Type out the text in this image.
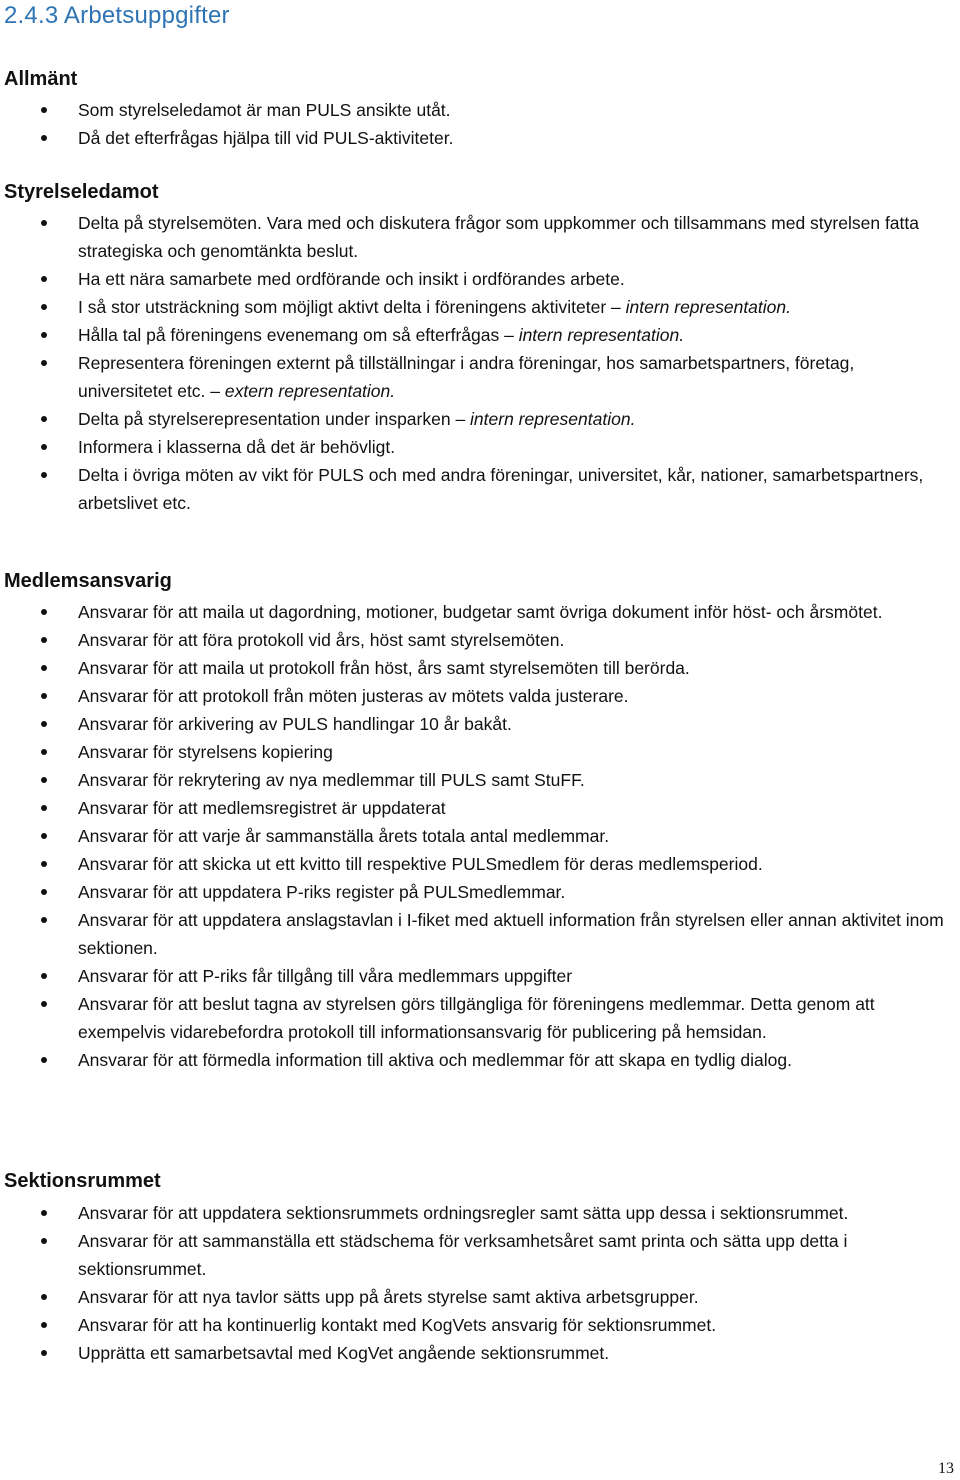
2.4.3 Arbetsuppgifter
Allmänt
Som styrelseledamot är man PULS ansikte utåt.
Då det efterfrågas hjälpa till vid PULS-aktiviteter.
Styrelseledamot
Delta på styrelsemöten. Vara med och diskutera frågor som uppkommer och tillsammans med styrelsen fatta strategiska och genomtänkta beslut.
Ha ett nära samarbete med ordförande och insikt i ordförandes arbete.
I så stor utsträckning som möjligt aktivt delta i föreningens aktiviteter – intern representation.
Hålla tal på föreningens evenemang om så efterfrågas – intern representation.
Representera föreningen externt på tillställningar i andra föreningar, hos samarbetspartners, företag, universitetet etc. – extern representation.
Delta på styrelserepresentation under insparken – intern representation.
Informera i klasserna då det är behövligt.
Delta i övriga möten av vikt för PULS och med andra föreningar, universitet, kår, nationer, samarbetspartners, arbetslivet etc.
Medlemsansvarig
Ansvarar för att maila ut dagordning, motioner, budgetar samt övriga dokument inför höst- och årsmötet.
Ansvarar för att föra protokoll vid års, höst samt styrelsemöten.
Ansvarar för att maila ut protokoll från höst, års samt styrelsemöten till berörda.
Ansvarar för att protokoll från möten justeras av mötets valda justerare.
Ansvarar för arkivering av PULS handlingar 10 år bakåt.
Ansvarar för styrelsens kopiering
Ansvarar för rekrytering av nya medlemmar till PULS samt StuFF.
Ansvarar för att medlemsregistret är uppdaterat
Ansvarar för att varje år sammanställa årets totala antal medlemmar.
Ansvarar för att skicka ut ett kvitto till respektive PULSmedlem för deras medlemsperiod.
Ansvarar för att uppdatera P-riks register på PULSmedlemmar.
Ansvarar för att uppdatera anslagstavlan i I-fiket med aktuell information från styrelsen eller annan aktivitet inom sektionen.
Ansvarar för att P-riks får tillgång till våra medlemmars uppgifter
Ansvarar för att beslut tagna av styrelsen görs tillgängliga för föreningens medlemmar. Detta genom att exempelvis vidarebefordra protokoll till informationsansvarig för publicering på hemsidan.
Ansvarar för att förmedla information till aktiva och medlemmar för att skapa en tydlig dialog.
Sektionsrummet
Ansvarar för att uppdatera sektionsrummets ordningsregler samt sätta upp dessa i sektionsrummet.
Ansvarar för att sammanställa ett städschema för verksamhetsåret samt printa och sätta upp detta i sektionsrummet.
Ansvarar för att nya tavlor sätts upp på årets styrelse samt aktiva arbetsgrupper.
Ansvarar för att ha kontinuerlig kontakt med KogVets ansvarig för sektionsrummet.
Upprätta ett samarbetsavtal med KogVet angående sektionsrummet.
13
